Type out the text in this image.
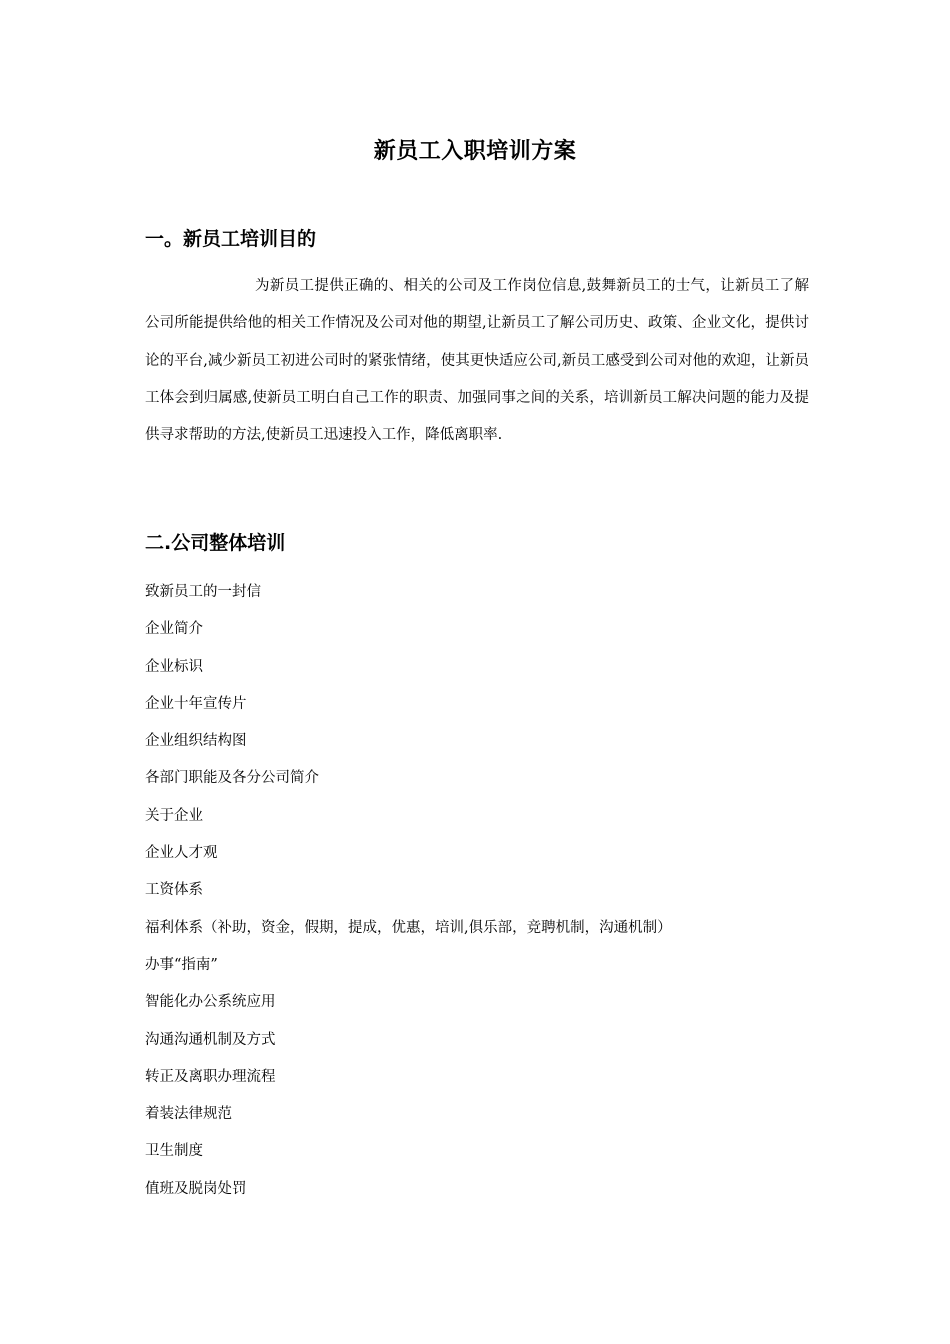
新员工入职培训方案
一。新员工培训目的

为新员工提供正确的、相关的公司及工作岗位信息,鼓舞新员工的士气，让新员工了解公司所能提供给他的相关工作情况及公司对他的期望,让新员工了解公司历史、政策、企业文化，提供讨论的平台,减少新员工初进公司时的紧张情绪，使其更快适应公司,新员工感受到公司对他的欢迎，让新员工体会到归属感,使新员工明白自己工作的职责、加强同事之间的关系，培训新员工解决问题的能力及提供寻求帮助的方法,使新员工迅速投入工作，降低离职率.

二.公司整体培训
致新员工的一封信
企业简介
企业标识
企业十年宣传片
企业组织结构图
各部门职能及各分公司简介
关于企业
企业人才观
工资体系
福利体系（补助，资金，假期，提成，优惠，培训,俱乐部，竞聘机制，沟通机制）
办事“指南”
智能化办公系统应用
沟通沟通机制及方式
转正及离职办理流程
着装法律规范
卫生制度
值班及脱岗处罚
